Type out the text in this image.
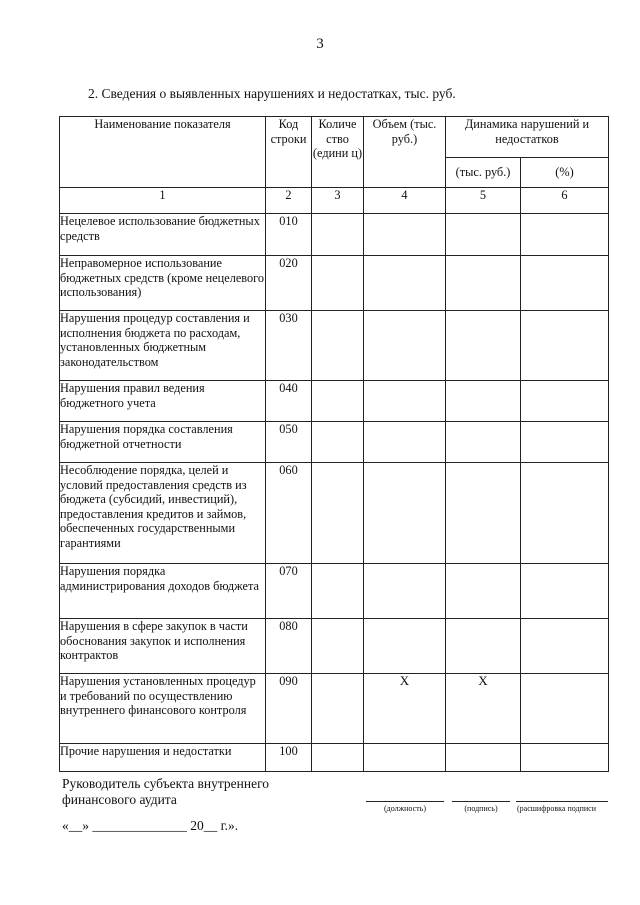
3
2. Сведения о выявленных нарушениях и недостатках, тыс. руб.
Наименование показателя	Код строки	Количе ство (едини ц)	Объем (тыс. руб.)	Динамика нарушений и недостатков	
				(тыс. руб.)	(%)
1	2	3	4	5	6
Нецелевое использование бюджетных средств	010				
Неправомерное использование бюджетных средств (кроме нецелевого использования)	020				
Нарушения процедур составления и исполнения бюджета по расходам, установленных бюджетным законодательством	030				
Нарушения правил ведения бюджетного учета	040				
Нарушения порядка составления бюджетной отчетности	050				
Несоблюдение порядка, целей и условий предоставления средств из бюджета (субсидий, инвестиций), предоставления кредитов и займов, обеспеченных государственными гарантиями	060				
Нарушения порядка администрирования доходов бюджета	070				
Нарушения в сфере закупок в части обоснования закупок и исполнения контрактов	080				
Нарушения установленных процедур и требований по осуществлению внутреннего финансового контроля	090		Х	Х	
Прочие нарушения и недостатки	100				
Руководитель субъекта внутреннего финансового аудита
(должность)	(подпись)	(расшифровка подписи
«__» ______________ 20__ г.».
